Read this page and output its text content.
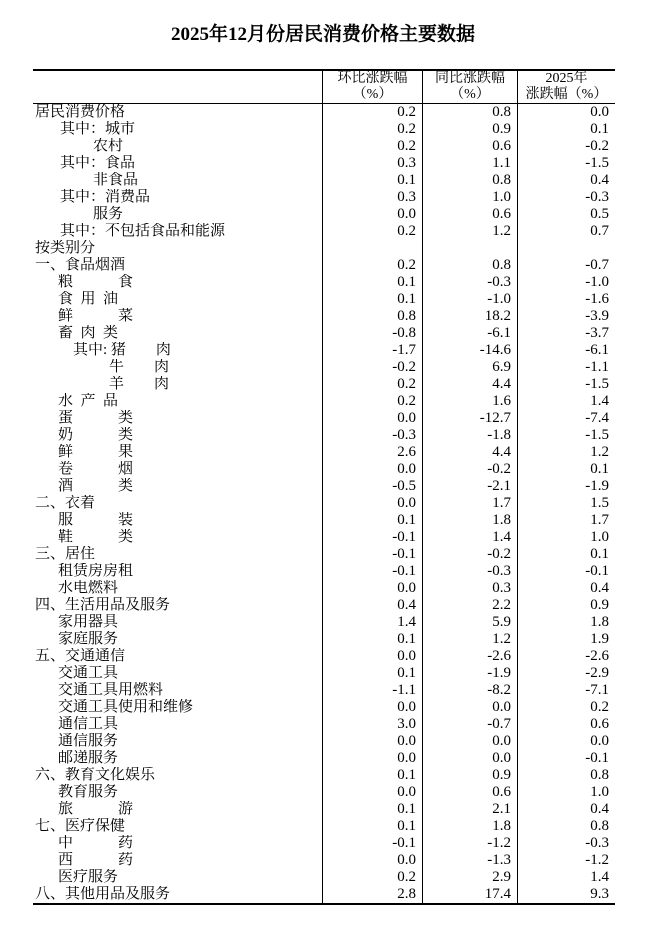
2025年12月份居民消费价格主要数据
环比涨跌幅
（%）
同比涨跌幅
（%）
2025年
涨跌幅（%）
居民消费价格	0.2	0.8	0.0
其中：城市	0.2	0.9	0.1
农村	0.2	0.6	-0.2
其中：食品	0.3	1.1	-1.5
非食品	0.1	0.8	0.4
其中：消费品	0.3	1.0	-0.3
服务	0.0	0.6	0.5
其中：不包括食品和能源	0.2	1.2	0.7
按类别分
一、食品烟酒	0.2	0.8	-0.7
粮　　　食	0.1	-0.3	-1.0
食  用  油	0.1	-1.0	-1.6
鲜　　　菜	0.8	18.2	-3.9
畜  肉  类	-0.8	-6.1	-3.7
其中: 猪　　肉	-1.7	-14.6	-6.1
牛　　肉	-0.2	6.9	-1.1
羊　　肉	0.2	4.4	-1.5
水  产  品	0.2	1.6	1.4
蛋　　　类	0.0	-12.7	-7.4
奶　　　类	-0.3	-1.8	-1.5
鲜　　　果	2.6	4.4	1.2
卷　　　烟	0.0	-0.2	0.1
酒　　　类	-0.5	-2.1	-1.9
二、衣着	0.0	1.7	1.5
服　　　装	0.1	1.8	1.7
鞋　　　类	-0.1	1.4	1.0
三、居住	-0.1	-0.2	0.1
租赁房房租	-0.1	-0.3	-0.1
水电燃料	0.0	0.3	0.4
四、生活用品及服务	0.4	2.2	0.9
家用器具	1.4	5.9	1.8
家庭服务	0.1	1.2	1.9
五、交通通信	0.0	-2.6	-2.6
交通工具	0.1	-1.9	-2.9
交通工具用燃料	-1.1	-8.2	-7.1
交通工具使用和维修	0.0	0.0	0.2
通信工具	3.0	-0.7	0.6
通信服务	0.0	0.0	0.0
邮递服务	0.0	0.0	-0.1
六、教育文化娱乐	0.1	0.9	0.8
教育服务	0.0	0.6	1.0
旅　　　游	0.1	2.1	0.4
七、医疗保健	0.1	1.8	0.8
中　　　药	-0.1	-1.2	-0.3
西　　　药	0.0	-1.3	-1.2
医疗服务	0.2	2.9	1.4
八、其他用品及服务	2.8	17.4	9.3
